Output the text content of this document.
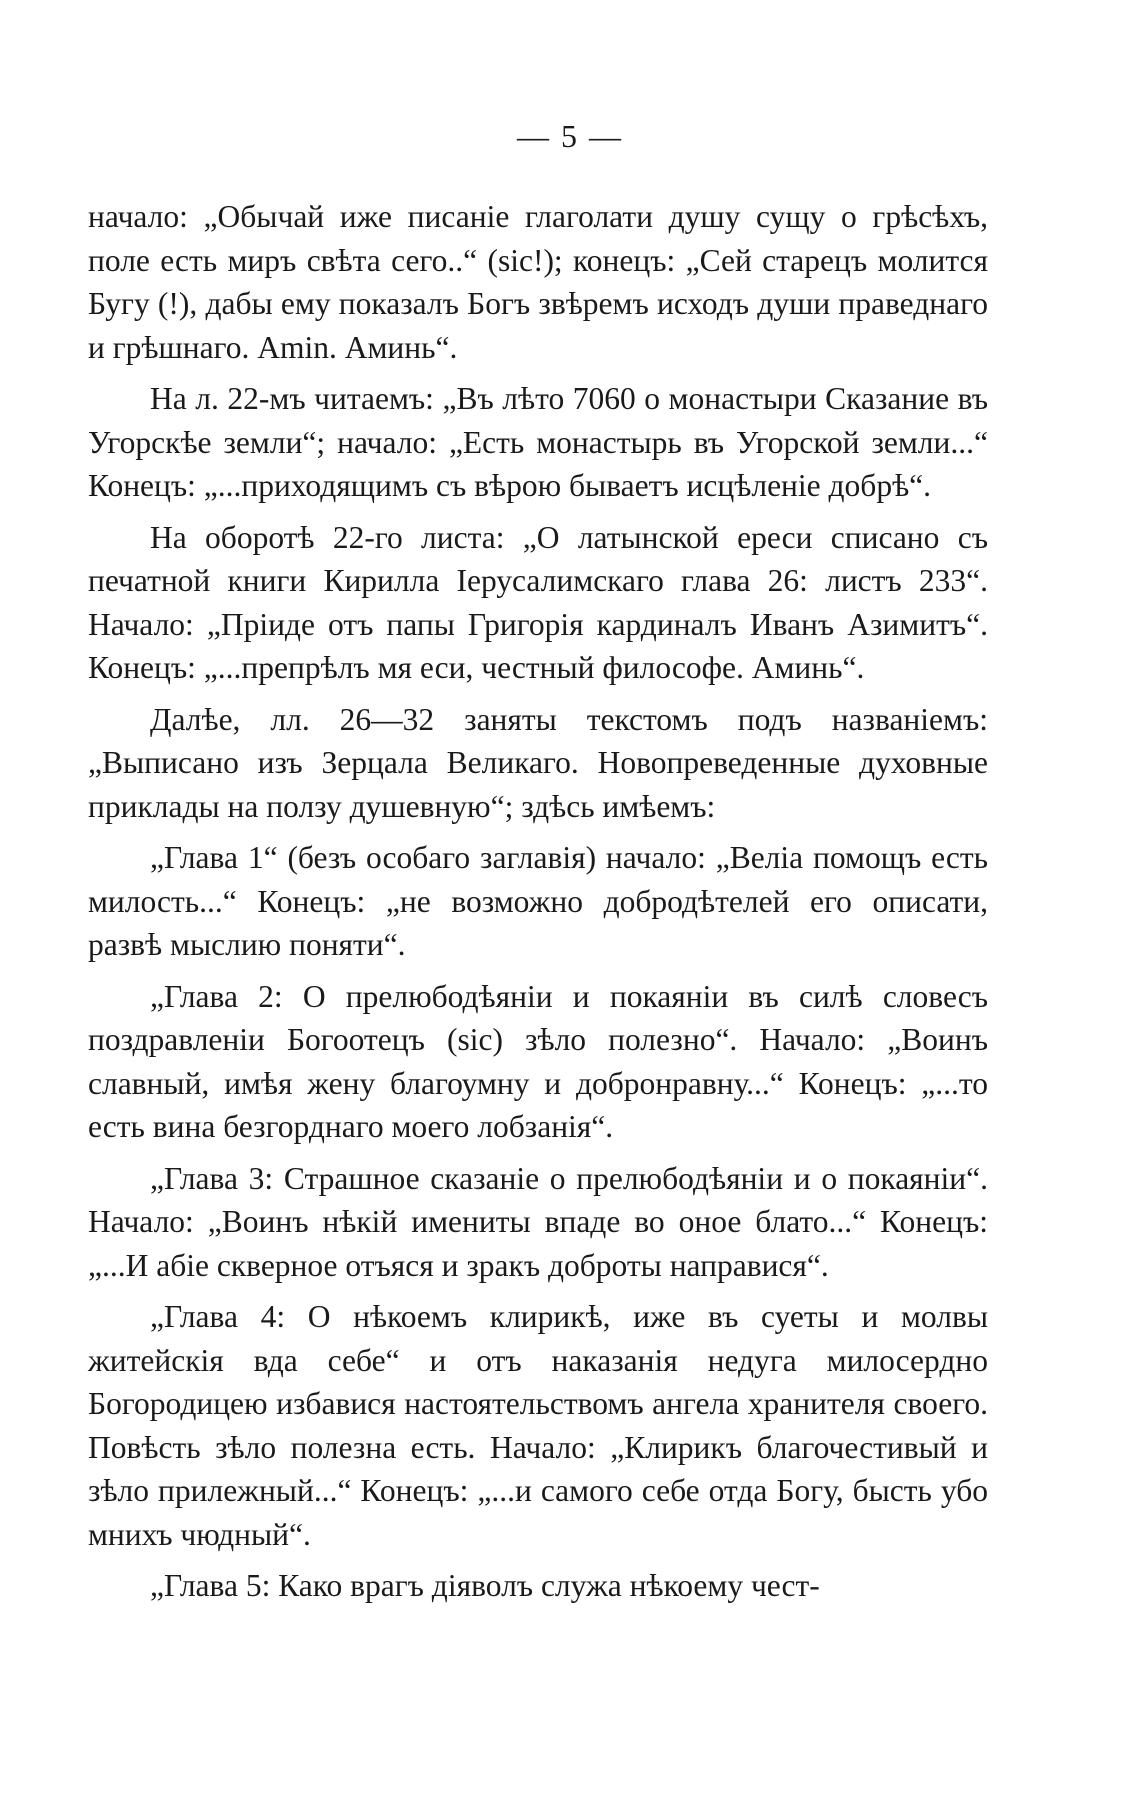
— 5 —

начало: „Обычай иже писаніе глаголати душу сущу о грѣсѣхъ, поле есть миръ свѣта сего..“ (sic!); конецъ: „Сей старецъ молится Бугу (!), дабы ему показалъ Богъ звѣремъ исходъ души праведнаго и грѣшнаго. Amin. Аминь“.

На л. 22-мъ читаемъ: „Въ лѣто 7060 о монастыри Сказание въ Угорскѣе земли“; начало: „Есть монастырь въ Угорской земли...“ Конецъ: „...приходящимъ съ вѣрою бываетъ исцѣленіе добрѣ“.

На оборотѣ 22-го листа: „О латынской ереси списано съ печатной книги Кирилла Іерусалимскаго глава 26: листъ 233“. Начало: „Пріиде отъ папы Григорія кардиналъ Иванъ Азимитъ“. Конецъ: „...препрѣлъ мя еси, честный философе. Аминь“.

Далѣе, лл. 26—32 заняты текстомъ подъ названіемъ: „Выписано изъ Зерцала Великаго. Новопреведенные духовные приклады на ползу душевную“; здѣсь имѣемъ:

„Глава 1“ (безъ особаго заглавія) начало: „Веліа помощъ есть милость...“ Конецъ: „не возможно добродѣтелей его описати, развѣ мыслию поняти“.

„Глава 2: О прелюбодѣяніи и покаяніи въ силѣ словесъ поздравленіи Богоотецъ (sic) зѣло полезно“. Начало: „Воинъ славный, имѣя жену благоумну и добронравну...“ Конецъ: „...то есть вина безгорднаго моего лобзанія“.

„Глава 3: Страшное сказаніе о прелюбодѣяніи и о покаяніи“. Начало: „Воинъ нѣкій имениты впаде во оное блато...“ Конецъ: „...И абіе скверное отъяся и зракъ доброты направися“.

„Глава 4: О нѣкоемъ клирикѣ, иже въ суеты и молвы житейскія вда себе“ и отъ наказанія недуга милосердно Богородицею избавися настоятельствомъ ангела хранителя своего. Повѣсть зѣло полезна есть. Начало: „Клирикъ благочестивый и зѣло прилежный...“ Конецъ: „...и самого себе отда Богу, бысть убо мнихъ чюдный“.

„Глава 5: Како врагъ діяволъ служа нѣкоему чест-
